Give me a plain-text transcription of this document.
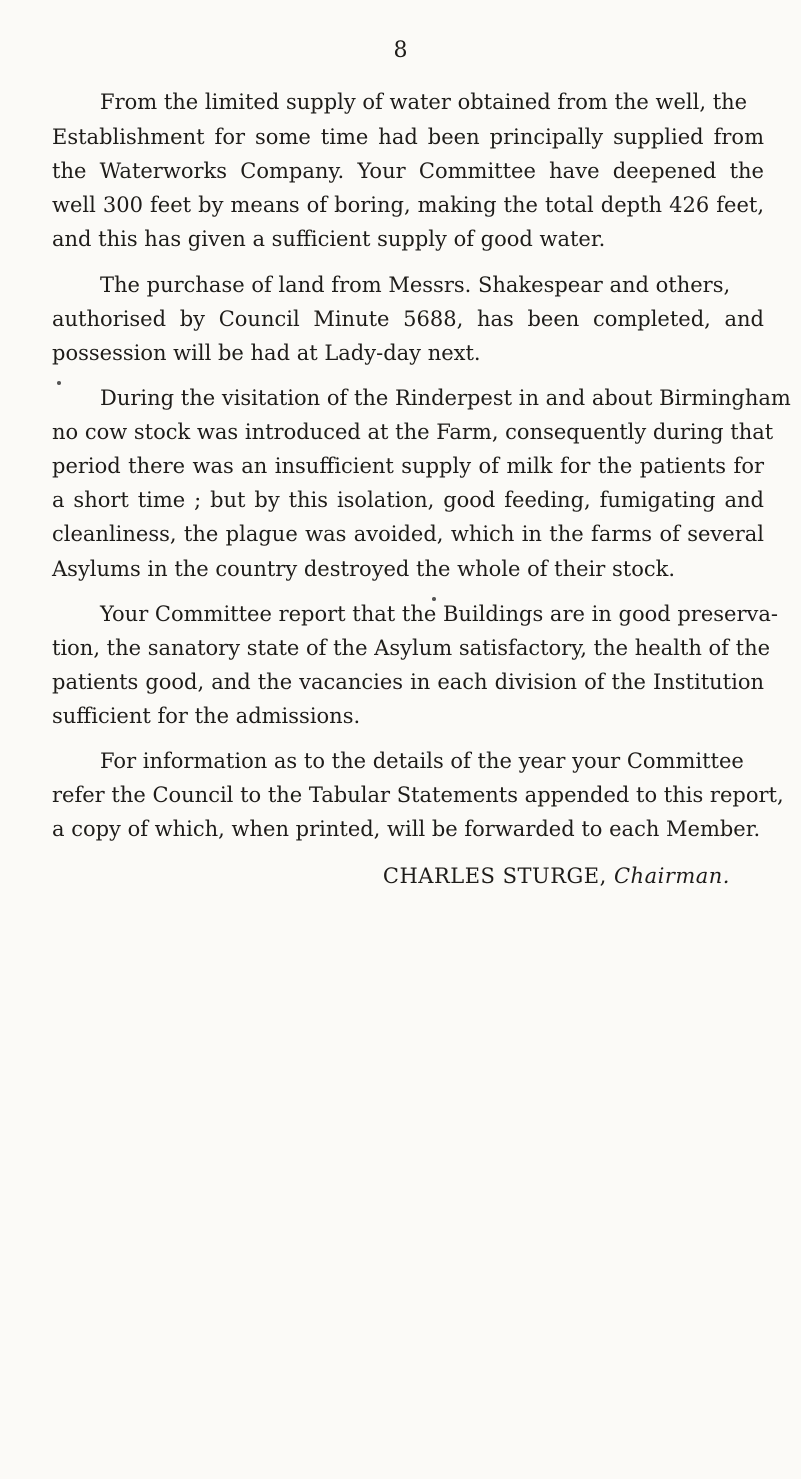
8
From the limited supply of water obtained from the well, the
Establishment for some time had been principally supplied from
the Waterworks Company. Your Committee have deepened the
well 300 feet by means of boring, making the total depth 426 feet,
and this has given a sufficient supply of good water.
The purchase of land from Messrs. Shakespear and others,
authorised by Council Minute 5688, has been completed, and
possession will be had at Lady-day next.
During the visitation of the Rinderpest in and about Birmingham
no cow stock was introduced at the Farm, consequently during that
period there was an insufficient supply of milk for the patients for
a short time ; but by this isolation, good feeding, fumigating and
cleanliness, the plague was avoided, which in the farms of several
Asylums in the country destroyed the whole of their stock.
Your Committee report that the Buildings are in good preserva-
tion, the sanatory state of the Asylum satisfactory, the health of the
patients good, and the vacancies in each division of the Institution
sufficient for the admissions.
For information as to the details of the year your Committee
refer the Council to the Tabular Statements appended to this report,
a copy of which, when printed, will be forwarded to each Member.
CHARLES STURGE, Chairman.
